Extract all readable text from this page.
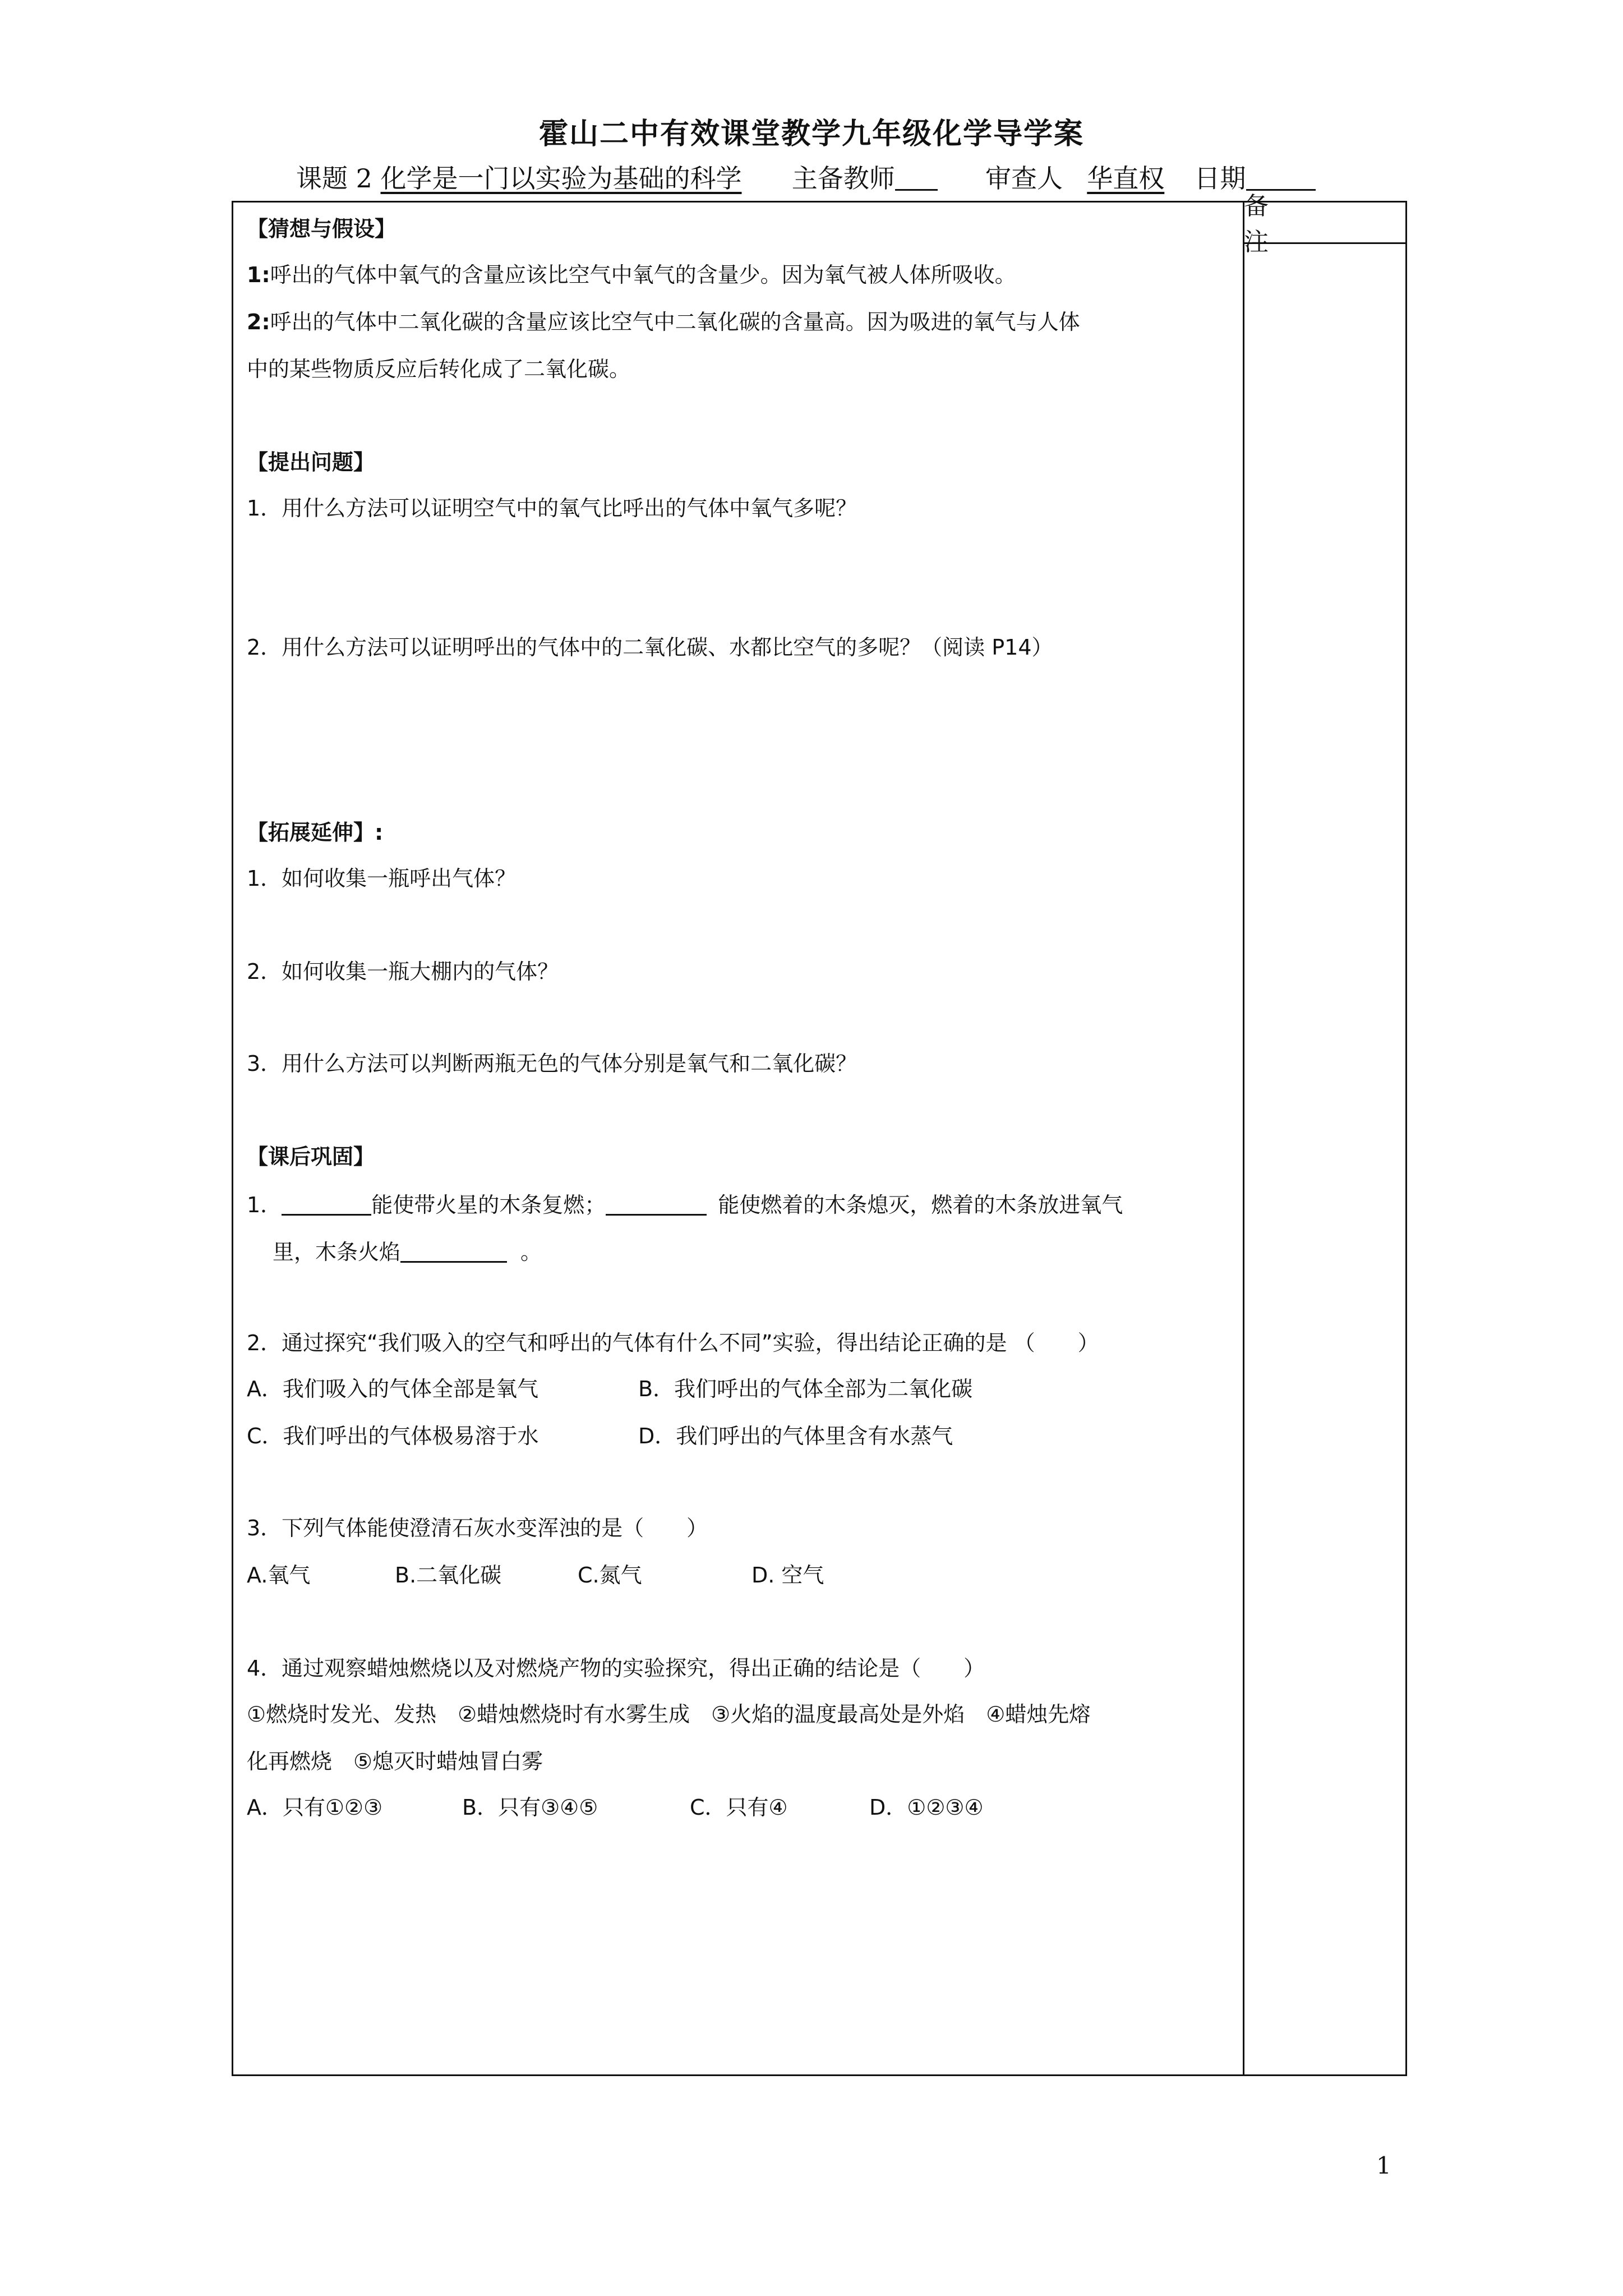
霍山二中有效课堂教学九年级化学导学案
课题 2 化学是一门以实验为基础的科学 主备教师	审查人 华直权 日期
备　注
【猜想与假设】
1:呼出的气体中氧气的含量应该比空气中氧气的含量少。因为氧气被人体所吸收。
2:呼出的气体中二氧化碳的含量应该比空气中二氧化碳的含量高。因为吸进的氧气与人体
中的某些物质反应后转化成了二氧化碳。
【提出问题】
1．用什么方法可以证明空气中的氧气比呼出的气体中氧气多呢？
2．用什么方法可以证明呼出的气体中的二氧化碳、水都比空气的多呢？（阅读 P14）
【拓展延伸】:
1．如何收集一瓶呼出气体？
2．如何收集一瓶大棚内的气体？
3．用什么方法可以判断两瓶无色的气体分别是氧气和二氧化碳？
【课后巩固】
1．	能使带火星的木条复燃；	能使燃着的木条熄灭，燃着的木条放进氧气
里，木条火焰	。
2．通过探究“我们吸入的空气和呼出的气体有什么不同”实验，得出结论正确的是 （　　）
A．我们吸入的气体全部是氧气	B．我们呼出的气体全部为二氧化碳
C．我们呼出的气体极易溶于水	D．我们呼出的气体里含有水蒸气
3．下列气体能使澄清石灰水变浑浊的是（　　）
A.氧气	B.二氧化碳	C.氮气	D. 空气
4．通过观察蜡烛燃烧以及对燃烧产物的实验探究，得出正确的结论是（　　）
①燃烧时发光、发热　②蜡烛燃烧时有水雾生成　③火焰的温度最高处是外焰　④蜡烛先熔
化再燃烧　⑤熄灭时蜡烛冒白雾
A．只有①②③	B．只有③④⑤	C．只有④	D．①②③④
1
